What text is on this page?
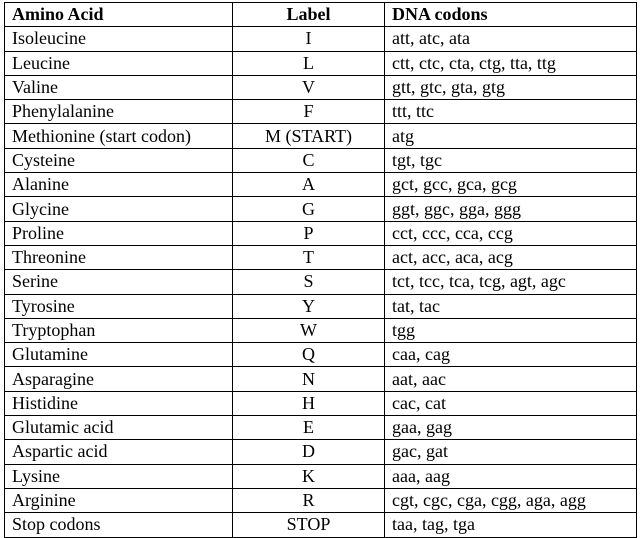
Amino Acid	Label	DNA codons
Isoleucine	I	att, atc, ata
Leucine	L	ctt, ctc, cta, ctg, tta, ttg
Valine	V	gtt, gtc, gta, gtg
Phenylalanine	F	ttt, ttc
Methionine (start codon)	M (START)	atg
Cysteine	C	tgt, tgc
Alanine	A	gct, gcc, gca, gcg
Glycine	G	ggt, ggc, gga, ggg
Proline	P	cct, ccc, cca, ccg
Threonine	T	act, acc, aca, acg
Serine	S	tct, tcc, tca, tcg, agt, agc
Tyrosine	Y	tat, tac
Tryptophan	W	tgg
Glutamine	Q	caa, cag
Asparagine	N	aat, aac
Histidine	H	cac, cat
Glutamic acid	E	gaa, gag
Aspartic acid	D	gac, gat
Lysine	K	aaa, aag
Arginine	R	cgt, cgc, cga, cgg, aga, agg
Stop codons	STOP	taa, tag, tga
